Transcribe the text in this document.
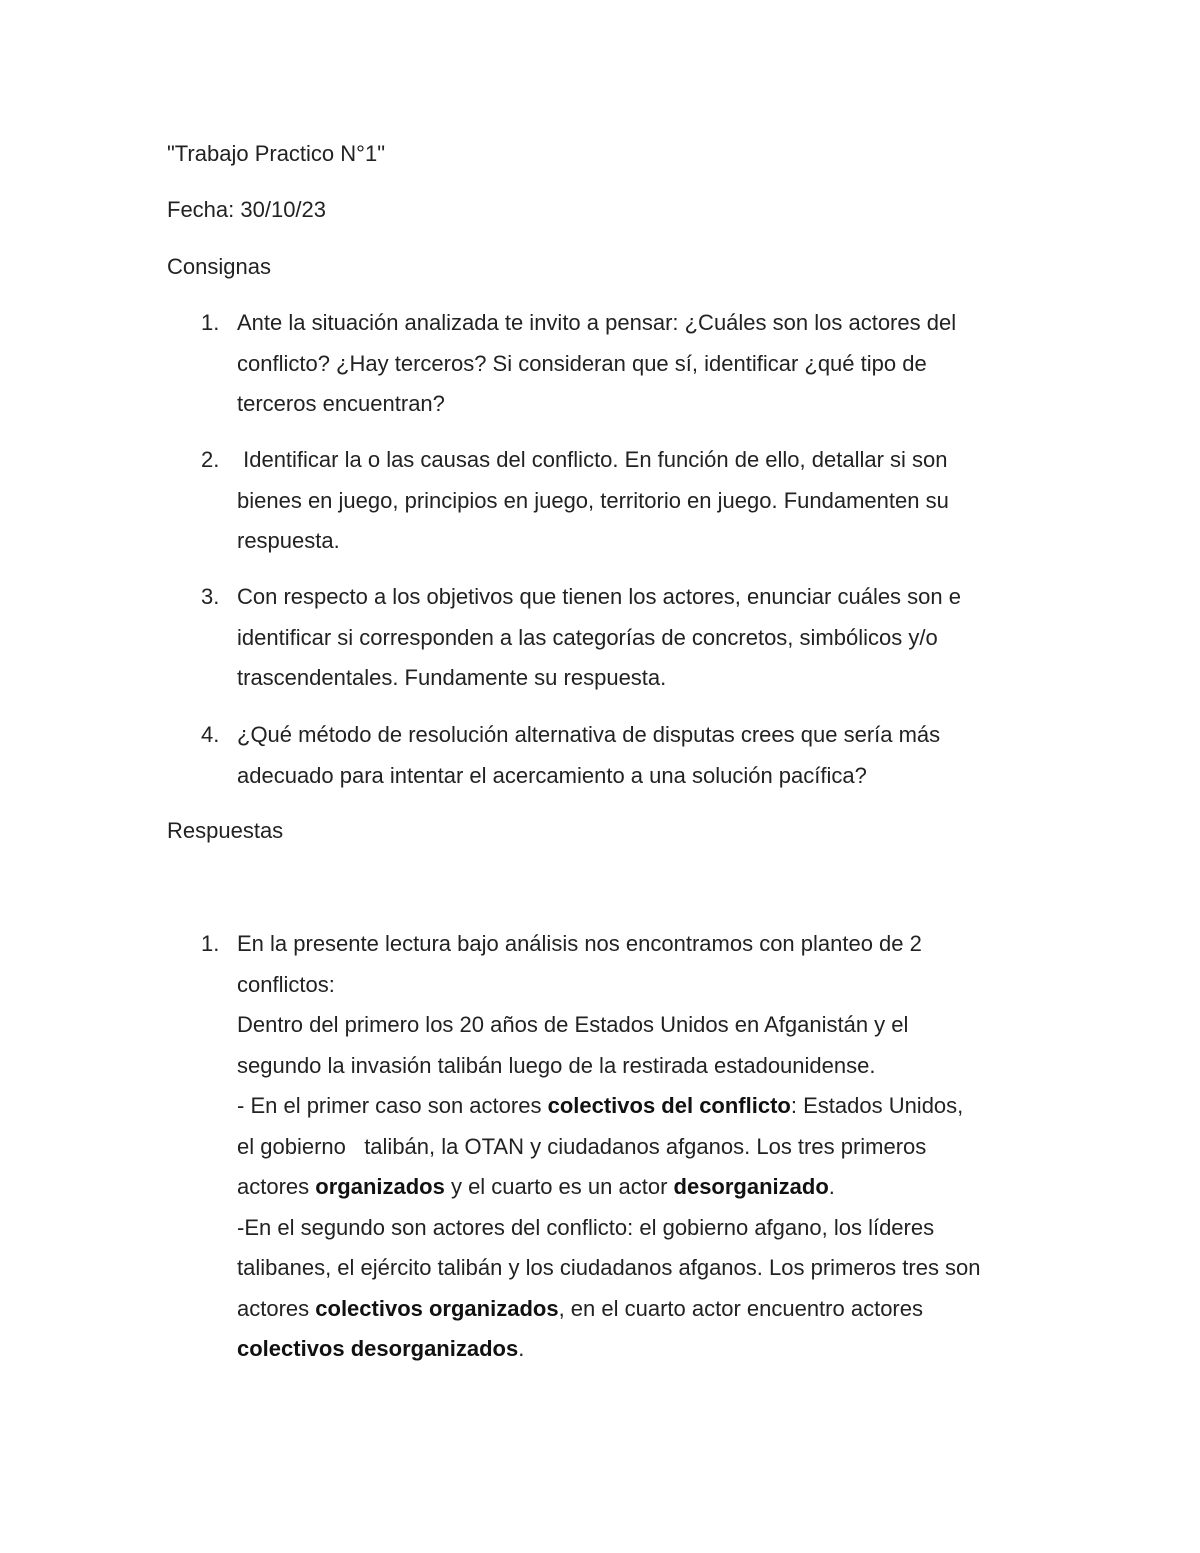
"Trabajo Practico N°1"
Fecha: 30/10/23
Consignas
1. Ante la situación analizada te invito a pensar: ¿Cuáles son los actores del
conflicto? ¿Hay terceros? Si consideran que sí, identificar ¿qué tipo de
terceros encuentran?
2. Identificar la o las causas del conflicto. En función de ello, detallar si son
bienes en juego, principios en juego, territorio en juego. Fundamenten su
respuesta.
3. Con respecto a los objetivos que tienen los actores, enunciar cuáles son e
identificar si corresponden a las categorías de concretos, simbólicos y/o
trascendentales. Fundamente su respuesta.
4. ¿Qué método de resolución alternativa de disputas crees que sería más
adecuado para intentar el acercamiento a una solución pacífica?
Respuestas
1. En la presente lectura bajo análisis nos encontramos con planteo de 2
conflictos:
Dentro del primero los 20 años de Estados Unidos en Afganistán y el
segundo la invasión talibán luego de la restirada estadounidense.
- En el primer caso son actores colectivos del conflicto: Estados Unidos,
el gobierno   talibán, la OTAN y ciudadanos afganos. Los tres primeros
actores organizados y el cuarto es un actor desorganizado.
-En el segundo son actores del conflicto: el gobierno afgano, los líderes
talibanes, el ejército talibán y los ciudadanos afganos. Los primeros tres son
actores colectivos organizados, en el cuarto actor encuentro actores
colectivos desorganizados.
